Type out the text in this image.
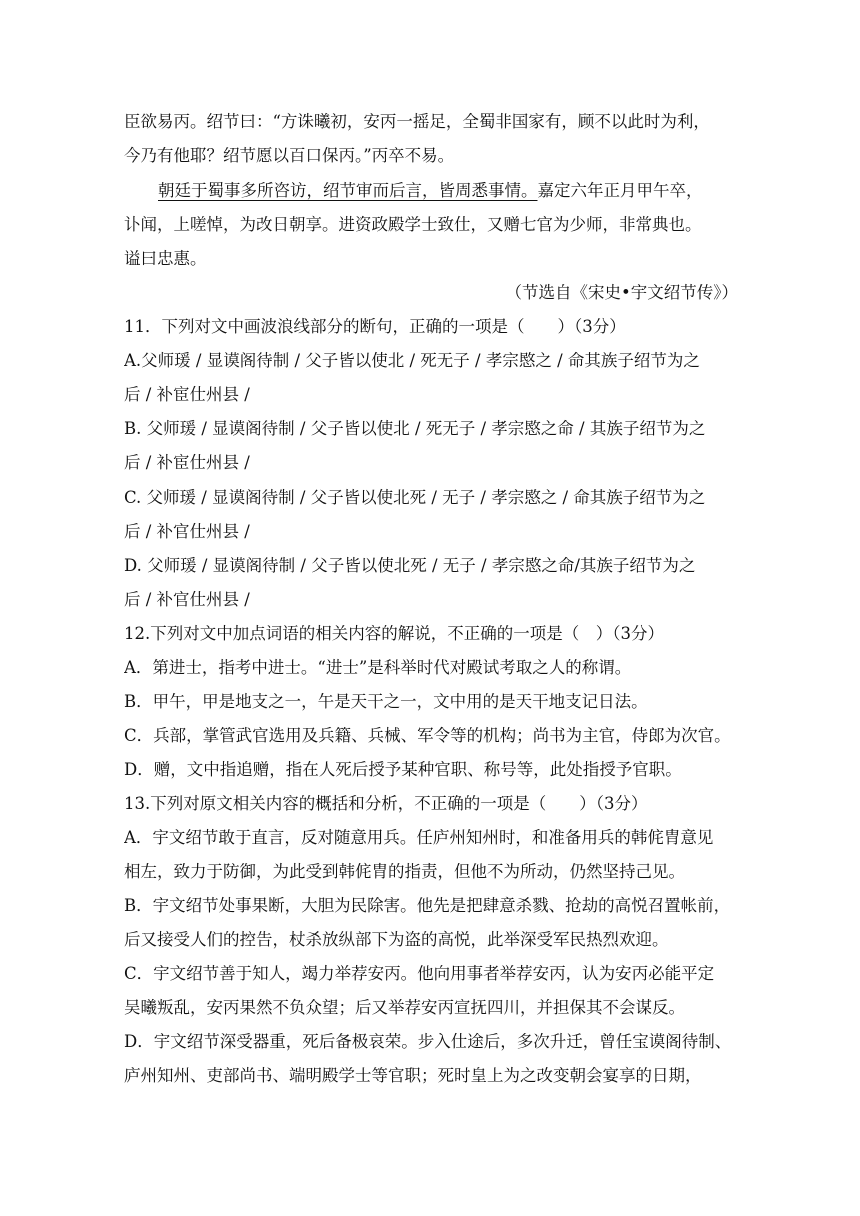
臣欲易丙。绍节曰：“方诛曦初，安丙一摇足，全蜀非国家有，顾不以此时为利，
今乃有他耶？绍节愿以百口保丙。”丙卒不易。
朝廷于蜀事多所咨访，绍节审而后言，皆周悉事情。嘉定六年正月甲午卒，
讣闻，上嗟悼，为改日朝享。进资政殿学士致仕，又赠七官为少师，非常典也。
谥曰忠惠。
（节选自《宋史•宇文绍节传》）
11．下列对文中画波浪线部分的断句，正确的一项是（　　）（3分）
A.父师瑗 / 显谟阁待制 / 父子皆以使北 / 死无子 / 孝宗愍之 / 命其族子绍节为之
后 / 补宦仕州县 /
B. 父师瑗 / 显谟阁待制 / 父子皆以使北 / 死无子 / 孝宗愍之命 / 其族子绍节为之
后 / 补宦仕州县 /
C. 父师瑗 / 显谟阁待制 / 父子皆以使北死 / 无子 / 孝宗愍之 / 命其族子绍节为之
后 / 补官仕州县 /
D. 父师瑗 / 显谟阁待制 / 父子皆以使北死 / 无子 / 孝宗愍之命/其族子绍节为之
后 / 补官仕州县 /
12.下列对文中加点词语的相关内容的解说，不正确的一项是（　）（3分）
A．第进士，指考中进士。“进士”是科举时代对殿试考取之人的称谓。
B．甲午，甲是地支之一，午是天干之一，文中用的是天干地支记日法。
C．兵部，掌管武官选用及兵籍、兵械、军令等的机构；尚书为主官，侍郎为次官。
D．赠，文中指追赠，指在人死后授予某种官职、称号等，此处指授予官职。
13.下列对原文相关内容的概括和分析，不正确的一项是（　　）（3分）
A．宇文绍节敢于直言，反对随意用兵。任庐州知州时，和准备用兵的韩侂胄意见
相左，致力于防御，为此受到韩侂胄的指责，但他不为所动，仍然坚持己见。
B．宇文绍节处事果断，大胆为民除害。他先是把肆意杀戮、抢劫的高悦召置帐前，
后又接受人们的控告，杖杀放纵部下为盗的高悦，此举深受军民热烈欢迎。
C．宇文绍节善于知人，竭力举荐安丙。他向用事者举荐安丙，认为安丙必能平定
吴曦叛乱，安丙果然不负众望；后又举荐安丙宣抚四川，并担保其不会谋反。
D．宇文绍节深受器重，死后备极哀荣。步入仕途后，多次升迁，曾任宝谟阁待制、
庐州知州、吏部尚书、端明殿学士等官职；死时皇上为之改变朝会宴享的日期，
